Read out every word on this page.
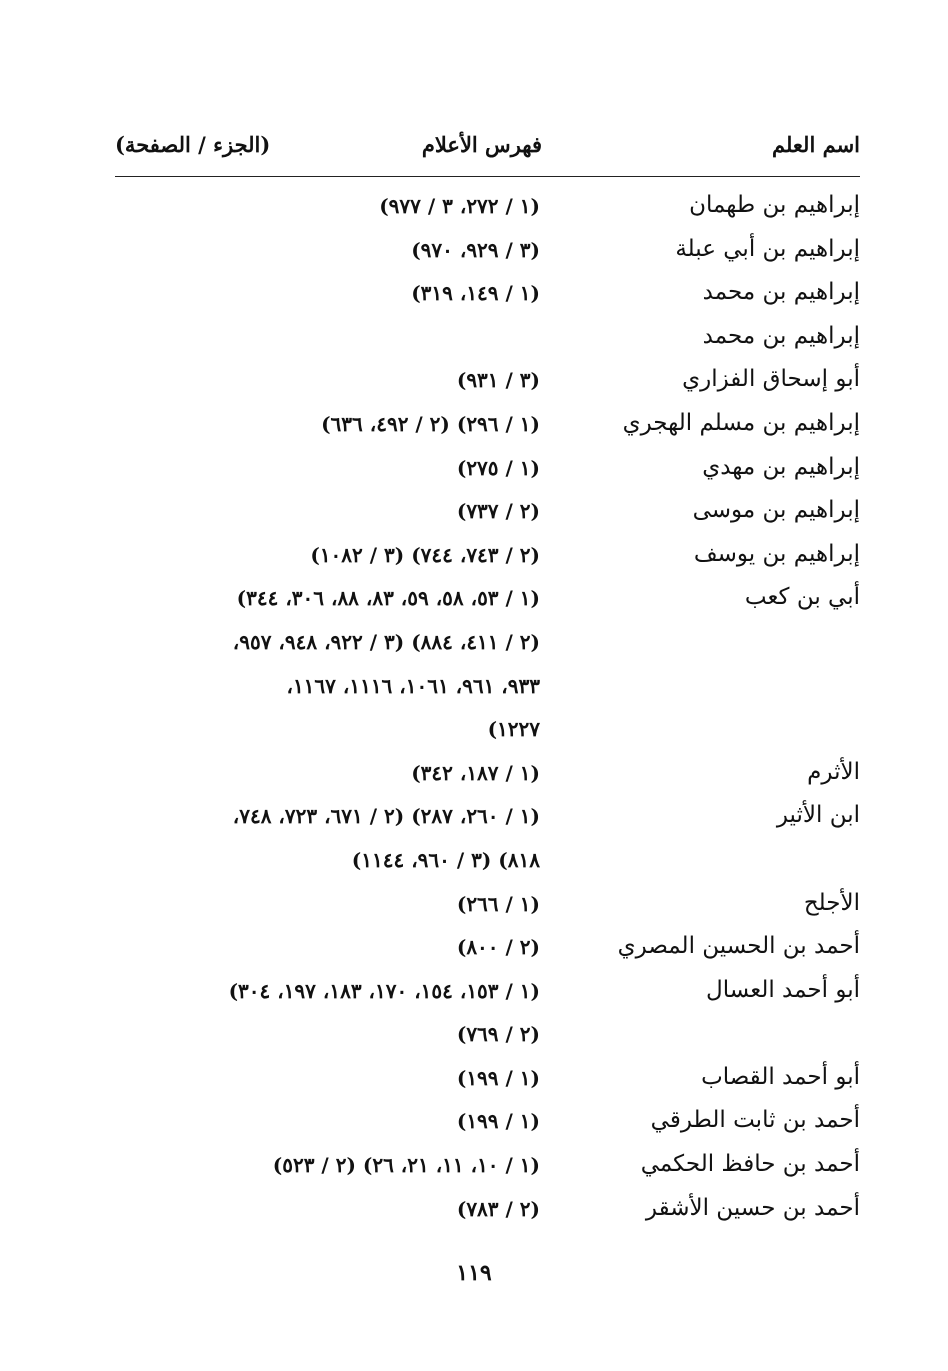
اسم العلم
فهرس الأعلام
(الجزء / الصفحة)
إبراهيم بن طهمان
(١ / ٢٧٢، ٣ / ٩٧٧)
إبراهيم بن أبي عبلة
(٣ / ٩٢٩، ٩٧٠)
إبراهيم بن محمد
(١ / ١٤٩، ٣١٩)
إبراهيم بن محمد
أبو إسحاق الفزاري
(٣ / ٩٣١)
إبراهيم بن مسلم الهجري
(١ / ٢٩٦) (٢ / ٤٩٢، ٦٣٦)
إبراهيم بن مهدي
(١ / ٢٧٥)
إبراهيم بن موسى
(٢ / ٧٣٧)
إبراهيم بن يوسف
(٢ / ٧٤٣، ٧٤٤) (٣ / ١٠٨٢)
أبي بن كعب
(١ / ٥٣، ٥٨، ٥٩، ٨٣، ٨٨، ٣٠٦، ٣٤٤)
(٢ / ٤١١، ٨٨٤) (٣ / ٩٢٢، ٩٤٨، ٩٥٧،
٩٣٣، ٩٦١، ١٠٦١، ١١١٦، ١١٦٧،
١٢٢٧)
الأثرم
(١ / ١٨٧، ٣٤٢)
ابن الأثير
(١ / ٢٦٠، ٢٨٧) (٢ / ٦٧١، ٧٢٣، ٧٤٨،
٨١٨) (٣ / ٩٦٠، ١١٤٤)
الأجلح
(١ / ٢٦٦)
أحمد بن الحسين المصري
(٢ / ٨٠٠)
أبو أحمد العسال
(١ / ١٥٣، ١٥٤، ١٧٠، ١٨٣، ١٩٧، ٣٠٤)
(٢ / ٧٦٩)
أبو أحمد القصاب
(١ / ١٩٩)
أحمد بن ثابت الطرقي
(١ / ١٩٩)
أحمد بن حافظ الحكمي
(١ / ١٠، ١١، ٢١، ٢٦) (٢ / ٥٢٣)
أحمد بن حسين الأشقر
(٢ / ٧٨٣)
١١٩
